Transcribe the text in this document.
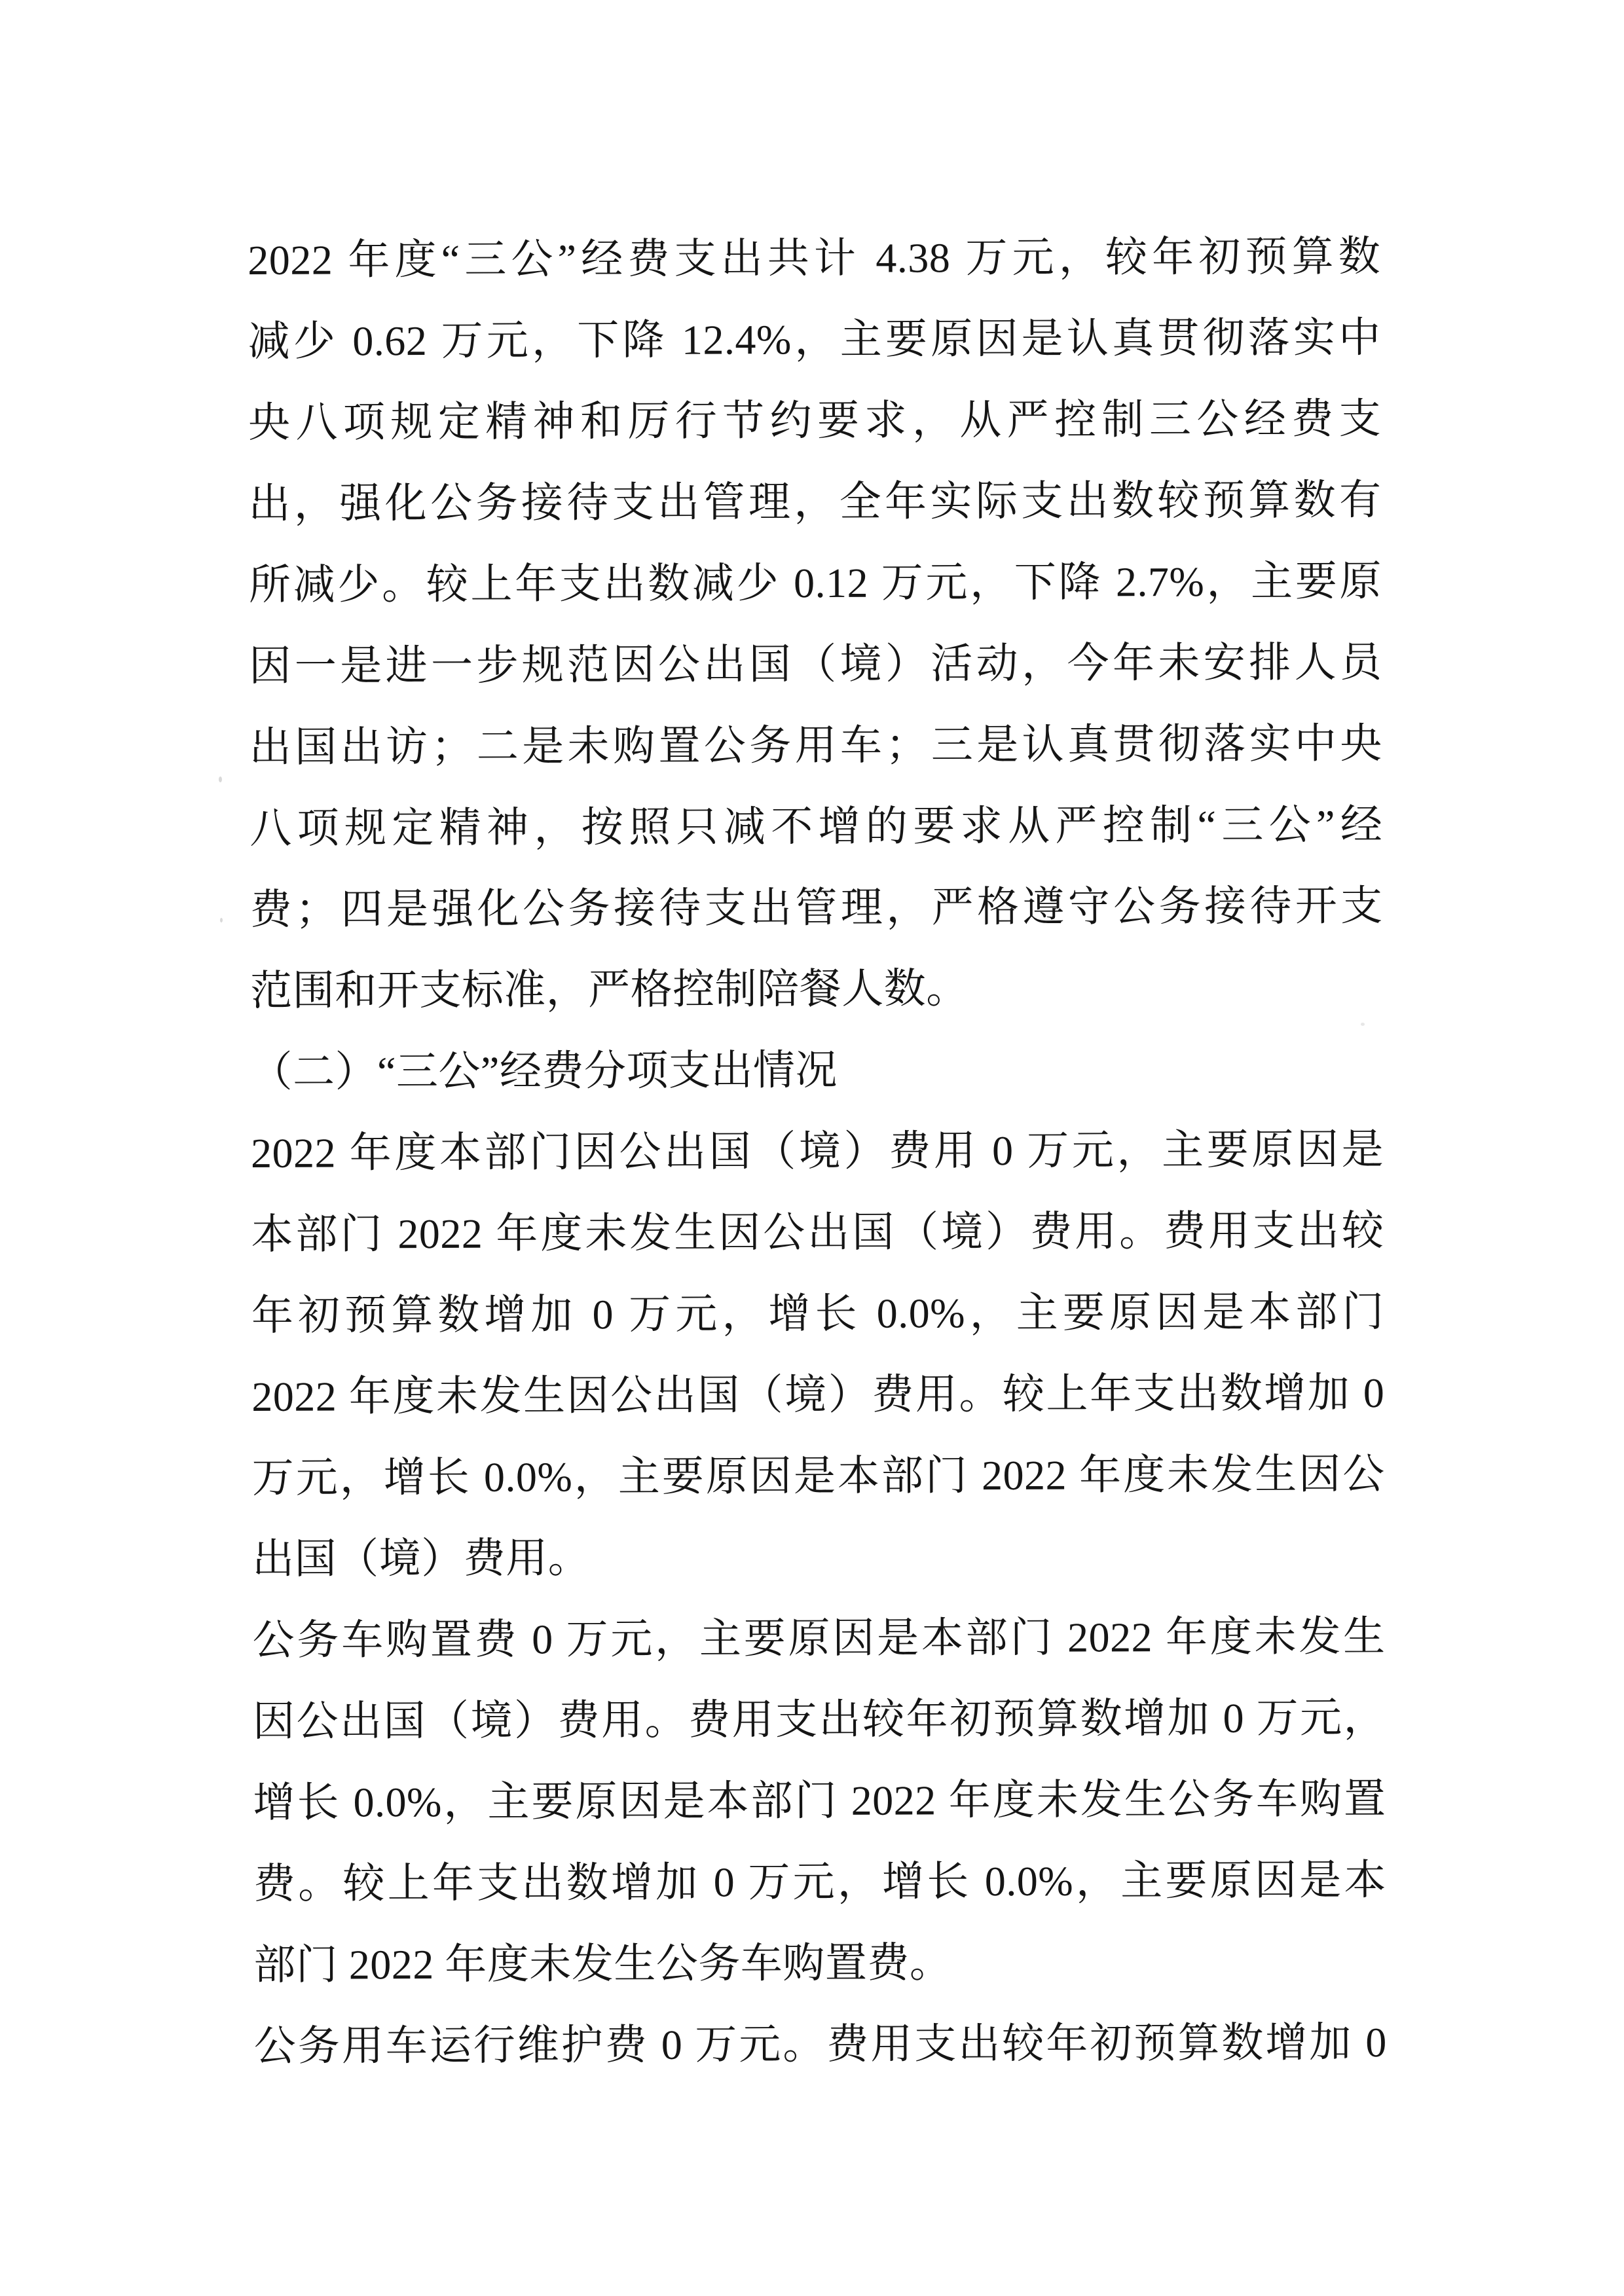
2022 年度“三公”经费支出共计 4.38 万元，较年初预算数
减少 0.62 万元，下降 12.4%，主要原因是认真贯彻落实中
央八项规定精神和厉行节约要求，从严控制三公经费支
出，强化公务接待支出管理，全年实际支出数较预算数有
所减少。较上年支出数减少 0.12 万元，下降 2.7%，主要原
因一是进一步规范因公出国（境）活动，今年未安排人员
出国出访；二是未购置公务用车；三是认真贯彻落实中央
八项规定精神，按照只减不增的要求从严控制“三公”经
费；四是强化公务接待支出管理，严格遵守公务接待开支
范围和开支标准，严格控制陪餐人数。
（二）“三公”经费分项支出情况
2022 年度本部门因公出国（境）费用 0 万元，主要原因是
本部门 2022 年度未发生因公出国（境）费用。费用支出较
年初预算数增加 0 万元，增长 0.0%，主要原因是本部门
2022 年度未发生因公出国（境）费用。较上年支出数增加 0
万元，增长 0.0%，主要原因是本部门 2022 年度未发生因公
出国（境）费用。
公务车购置费 0 万元，主要原因是本部门 2022 年度未发生
因公出国（境）费用。费用支出较年初预算数增加 0 万元，
增长 0.0%，主要原因是本部门 2022 年度未发生公务车购置
费。较上年支出数增加 0 万元，增长 0.0%，主要原因是本
部门 2022 年度未发生公务车购置费。
公务用车运行维护费 0 万元。费用支出较年初预算数增加 0
